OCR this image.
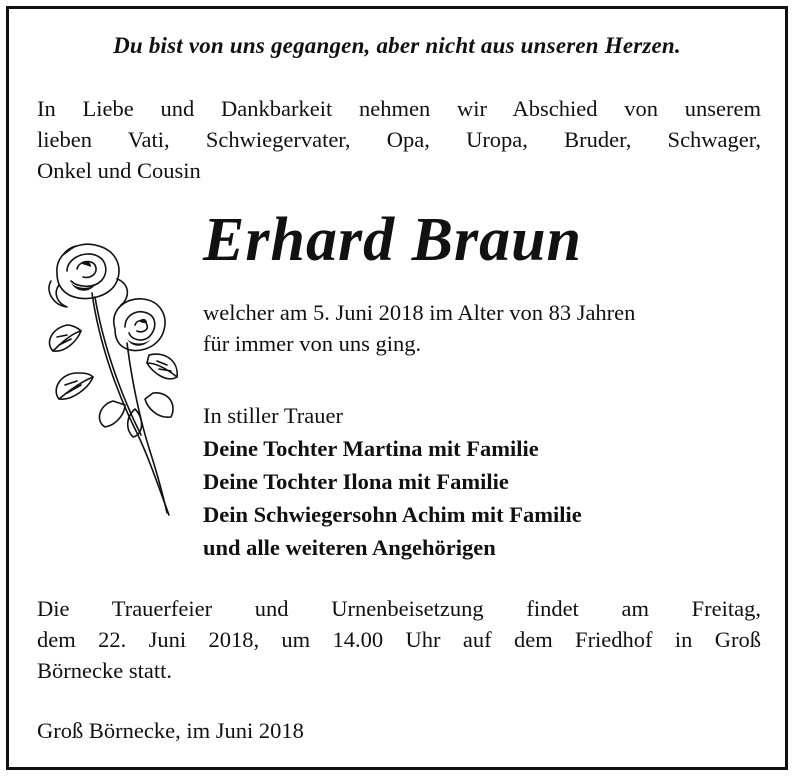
Du bist von uns gegangen, aber nicht aus unseren Herzen.
In Liebe und Dankbarkeit nehmen wir Abschied von unserem
lieben Vati, Schwiegervater, Opa, Uropa, Bruder, Schwager,
Onkel und Cousin
Erhard Braun
welcher am 5. Juni 2018 im Alter von 83 Jahren
für immer von uns ging.
In stiller Trauer
Deine Tochter Martina mit Familie
Deine Tochter Ilona mit Familie
Dein Schwiegersohn Achim mit Familie
und alle weiteren Angehörigen
Die Trauerfeier und Urnenbeisetzung findet am Freitag,
dem 22. Juni 2018, um 14.00 Uhr auf dem Friedhof in Groß
Börnecke statt.
Groß Börnecke, im Juni 2018
